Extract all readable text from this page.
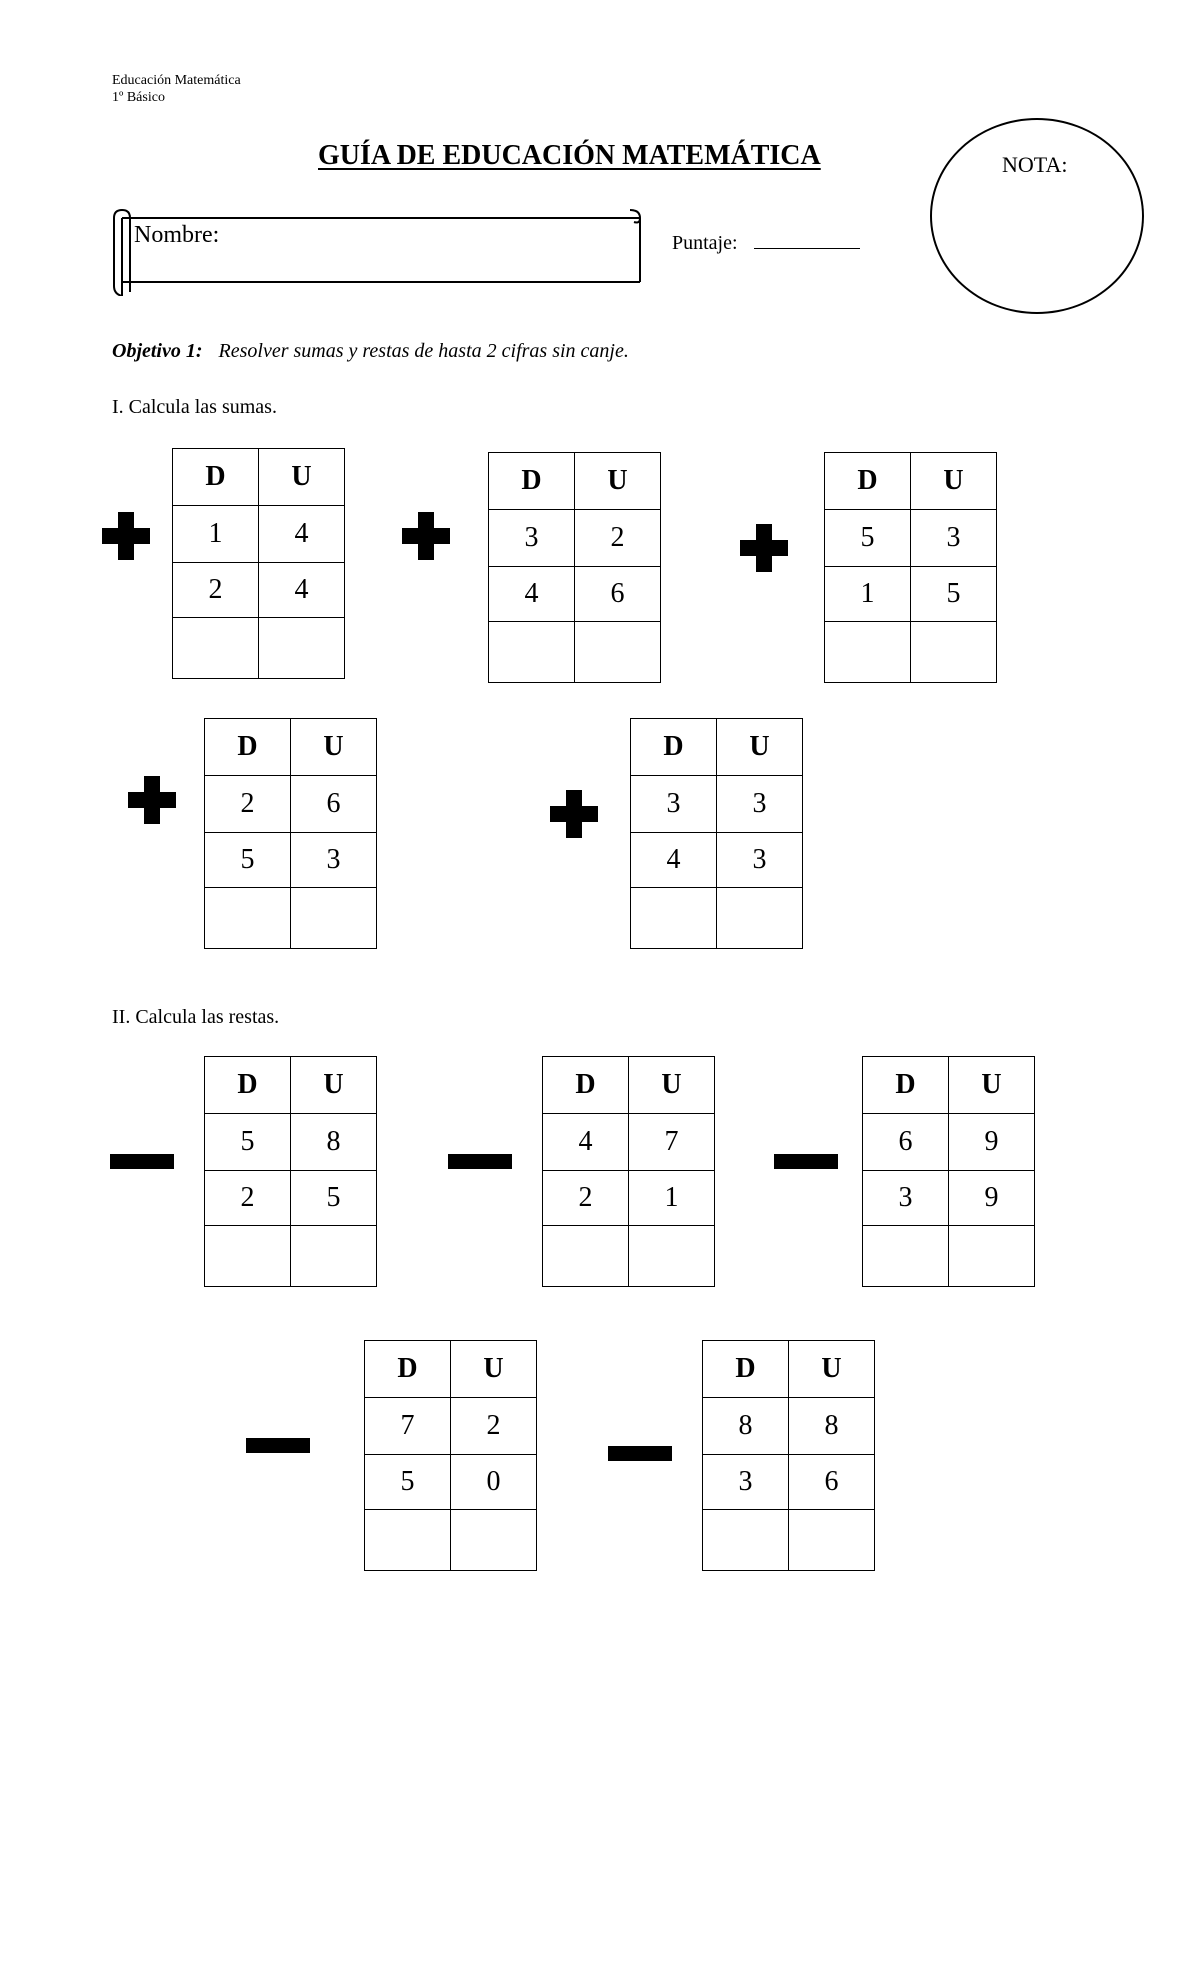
Educación Matemática
1º Básico
GUÍA DE EDUCACIÓN MATEMÁTICA	NOTA:
Nombre:	Puntaje:
Objetivo 1: Resolver sumas y restas de hasta 2 cifras sin canje.
I. Calcula las sumas.
D	U
1	4
2	4

D	U
3	2
4	6

D	U
5	3
1	5

D	U
2	6
5	3

D	U
3	3
4	3

II. Calcula las restas.
D	U
5	8
2	5

D	U
4	7
2	1

D	U
6	9
3	9

D	U
7	2
5	0

D	U
8	8
3	6
